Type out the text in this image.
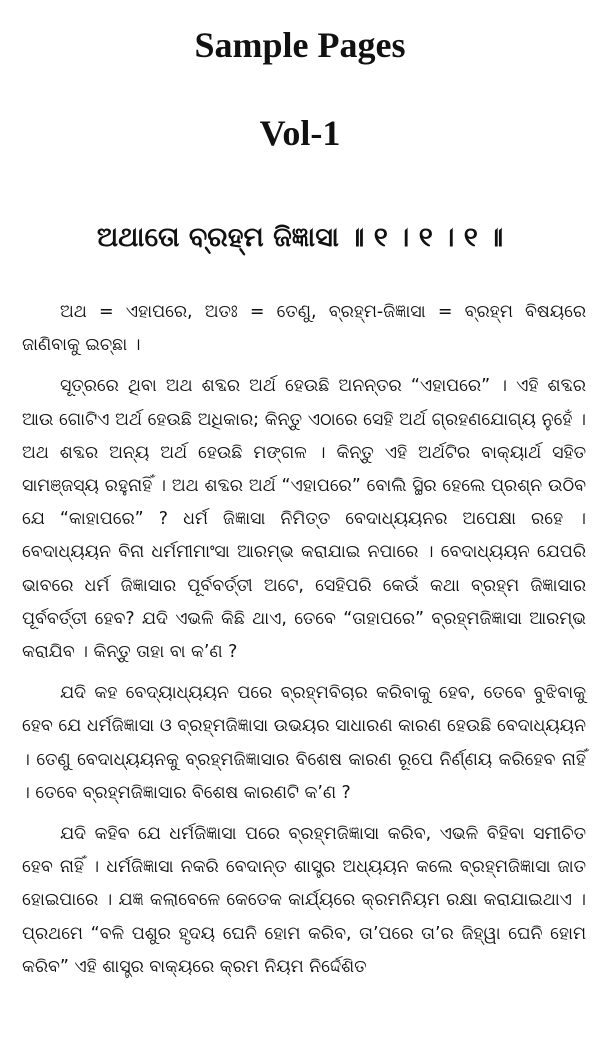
Sample Pages
Vol-1
ଅଥାତୋ ବ୍ରହ୍ମ ଜିଜ୍ଞାସା ॥ ୧ । ୧ । ୧ ॥

ଅଥ = ଏହାପରେ, ଅତଃ = ତେଣୁ, ବ୍ରହ୍ମ-ଜିଜ୍ଞାସା = ବ୍ରହ୍ମ ବିଷୟରେ ଜାଣିବାକୁ ଇଚ୍ଛା ।

ସୂତ୍ରରେ ଥିବା ଅଥ ଶବ୍ଦର ଅର୍ଥ ହେଉଛି ଅନନ୍ତର “ଏହାପରେ” । ଏହି ଶବ୍ଦର ଆଉ ଗୋଟିଏ ଅର୍ଥ ହେଉଛି ଅଧିକାର; କିନ୍ତୁ ଏଠାରେ ସେହି ଅର୍ଥ ଗ୍ରହଣଯୋଗ୍ୟ ନୁହେଁ । ଅଥ ଶବ୍ଦର ଅନ୍ୟ ଅର୍ଥ ହେଉଛି ମଙ୍ଗଳ । କିନ୍ତୁ ଏହି ଅର୍ଥଟିର ବାକ୍ୟାର୍ଥ ସହିତ ସାମଞ୍ଜସ୍ୟ ରହୁନାହିଁ । ଅଥ ଶବ୍ଦର ଅର୍ଥ “ଏହାପରେ” ବୋଲି ସ୍ଥିର ହେଲେ ପ୍ରଶ୍ନ ଉଠିବ ଯେ “କାହାପରେ” ? ଧର୍ମ ଜିଜ୍ଞାସା ନିମିତ୍ତ ବେଦାଧ୍ୟୟନର ଅପେକ୍ଷା ରହେ । ବେଦାଧ୍ୟୟନ ବିନା ଧର୍ମମୀମାଂସା ଆରମ୍ଭ କରାଯାଇ ନପାରେ । ବେଦାଧ୍ୟୟନ ଯେପରି ଭାବରେ ଧର୍ମ ଜିଜ୍ଞାସାର ପୂର୍ବବର୍ତ୍ତୀ ଅଟେ, ସେହିପରି କେଉଁ କଥା ବ୍ରହ୍ମ ଜିଜ୍ଞାସାର ପୂର୍ବବର୍ତ୍ତୀ ହେବ? ଯଦି ଏଭଳି କିଛି ଥାଏ, ତେବେ “ତାହାପରେ” ବ୍ରହ୍ମଜିଜ୍ଞାସା ଆରମ୍ଭ କରାଯିବ । କିନ୍ତୁ ତାହା ବା କ’ଣ ?

ଯଦି କହ ବେଦ୍ୟାଧ୍ୟୟନ ପରେ ବ୍ରହ୍ମବିଚାର କରିବାକୁ ହେବ, ତେବେ ବୁଝିବାକୁ ହେବ ଯେ ଧର୍ମଜିଜ୍ଞାସା ଓ ବ୍ରହ୍ମଜିଜ୍ଞାସା ଉଭୟର ସାଧାରଣ କାରଣ ହେଉଛି ବେଦାଧ୍ୟୟନ । ତେଣୁ ବେଦାଧ୍ୟୟନକୁ ବ୍ରହ୍ମଜିଜ୍ଞାସାର ବିଶେଷ କାରଣ ରୂପେ ନିର୍ଣ୍ଣୟ କରିହେବ ନାହିଁ । ତେବେ ବ୍ରହ୍ମଜିଜ୍ଞାସାର ବିଶେଷ କାରଣଟି କ’ଣ ?

ଯଦି କହିବ ଯେ ଧର୍ମଜିଜ୍ଞାସା ପରେ ବ୍ରହ୍ମଜିଜ୍ଞାସା କରିବ, ଏଭଳି ବିହିବା ସମୀଚିତ ହେବ ନାହିଁ । ଧର୍ମଜିଜ୍ଞାସା ନକରି ବେଦାନ୍ତ ଶାସ୍ତ୍ର ଅଧ୍ୟୟନ କଲେ ବ୍ରହ୍ମଜିଜ୍ଞାସା ଜାତ ହୋଇପାରେ । ଯଜ୍ଞ କଲାବେଳେ କେତେକ କାର୍ଯ୍ୟରେ କ୍ରମନିୟମ ରକ୍ଷା କରାଯାଇଥାଏ । ପ୍ରଥମେ “ବଳି ପଶୁର ହୃଦୟ ଘେନି ହୋମ କରିବ, ତା’ପରେ ତା’ର ଜିହ୍ୱା ଘେନି ହୋମ କରିବ” ଏହି ଶାସ୍ତ୍ର ବାକ୍ୟରେ କ୍ରମ ନିୟମ ନିର୍ଦ୍ଦେଶିତ
